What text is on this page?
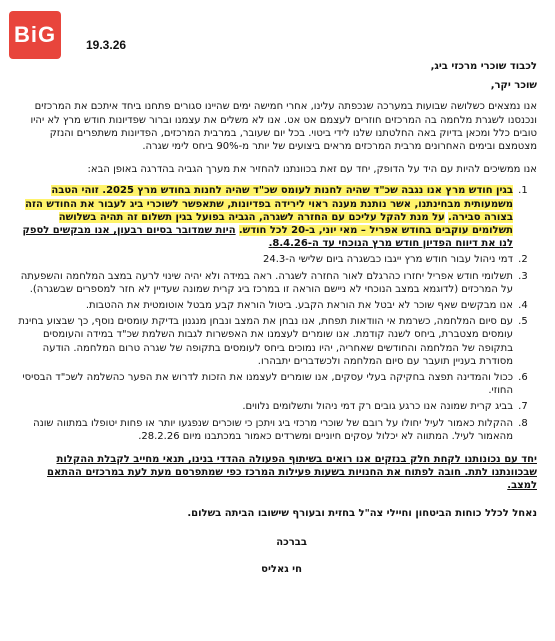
BiG	19.3.26

לכבוד שוכרי מרכזי ביג,

שוכר יקר,

אנו נמצאים כשלושה שבועות במערכה שנכפתה עלינו, אחרי חמישה ימים שהיינו סגורים פתחנו ביחד איתכם את המרכזים ונכנסנו לשגרת מלחמה בה המרכזים חוזרים לעצמם אט אט. אנו לא משלים את עצמנו וברור שפדיונות חודש מרץ לא יהיו טובים כלל ומכאן בדיוק באה החלטתנו שלנו לידי ביטוי. בכל יום שעובר, במרבית המרכזים, הפדיונות משתפרים והנזק מצטמצם ובימים האחרונים מרבית המרכזים מראים ביצועים של יותר מ-90% ביחס לימי שגרה.

אנו ממשיכים להיות עם היד על הדופק, יחד עם זאת בכוונתנו להחזיר את מערך הגביה בהדרגה באופן הבא:

1. בגין חודש מרץ אנו נגבה שכ"ד שהיה לחנות לעומס שכ"ד שהיה לחנות בחודש מרץ 2025. זוהי הטבה משמעותית מבחינתנו, אשר נותנת מענה ראוי לירידה בפדיונות, שתאפשר לשוכרי ביג לעבור את החודש הזה בצורה סבירה. על מנת להקל עליכם עם החזרה לשגרה, הגביה בפועל בגין תשלום זה תהיה בשלושה תשלומים עוקבים בחודש אפריל – מאי יוני, ב-20 לכל חודש. היות שמדובר בסיום רבעון, אנו מבקשים לספק לנו את דיווח הפדיון חודש מרץ הנוכחי עד ה-8.4.26.
2. דמי ניהול עבור חודש מרץ ייגבו כבשגרה ביום שלישי ה-24.3
3. תשלומי חודש אפריל יחזרו כהרגלם לאור החזרה לשגרה. ראה במידה ולא יהיה שינוי לרעה במצב המלחמה והשפעתה על המרכזים (לדוגמא במצב הנוכחי לא ניישם הוראה זו במרכז ביג קרית שמונה שעדיין לא חזר למספרים שבשגרה).
4. אנו מבקשים שאף שוכר לא יבטל את הוראת הקבע. ביטול הוראת קבע מבטל אוטומטית את ההטבות.
5. עם סיום המלחמה, כשרמת אי הוודאות תפחת, אנו נבחן את המצב ונבחן מנגנון בדיקת עומסים נוסף, כך שבצוע בחינת עומסים מצטברת, ביחס לשנה קודמת. אנו שומרים לעצמנו את האפשרות לגבות השלמת שכ"ד במידה והעומסים בתקופה של המלחמה והחודשים שאחריה, יהיו נמוכים ביחס לעומסים בתקופה של שגרה טרום המלחמה. הודעה מסודרת בעניין תועבר עם סיום המלחמה ולכשדברים יתבהרו.
6. ככול והמדינה תפצה בחקיקה בעלי עסקים, אנו שומרים לעצמנו את הזכות לדרוש את הפער כהשלמה לשכ"ד הבסיסי החוזי.
7. בביג קרית שמונה אנו כרגע גובים רק דמי ניהול ותשלומים נלווים.
8. ההקלות כאמור לעיל יחולו על רובם של שוכרי מרכזי ביג ויתכן כי שוכרים שנפגעו יותר או פחות יטופלו במתווה שונה מהאמור לעיל. המתווה לא יכלול עסקים חיוניים ומשרדים כאמור במכתבנו מיום 28.2.26.

יחד עם נכונותנו לקחת חלק בנזקים אנו רואים בשיתוף הפעולה ההדדי בנינו, תנאי מחייב לקבלת ההקלות שבכוונתנו לתת. חובה לפתוח את החנויות בשעות פעילות המרכז כפי שמתפרסם מעת לעת במרכזים ההתאם למצב.

נאחל לכלל כוחות הביטחון וחיילי צה"ל בחזית ובעורף שישובו הביתה בשלום.

בברכה

חי גאליס
